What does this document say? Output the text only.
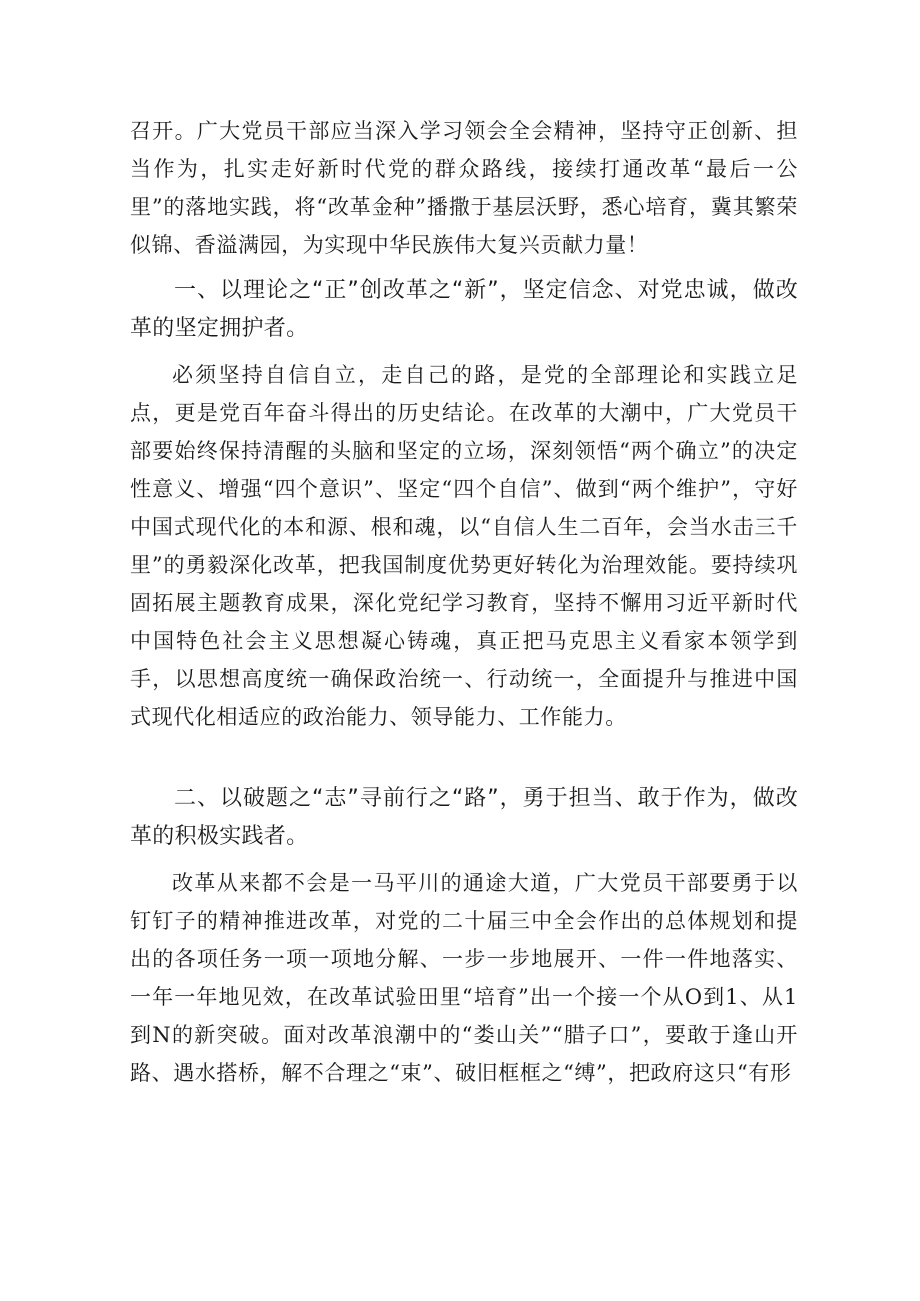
召开。广大党员干部应当深入学习领会全会精神，坚持守正创新、担当作为，扎实走好新时代党的群众路线，接续打通改革“最后一公里”的落地实践，将“改革金种”播撒于基层沃野，悉心培育，冀其繁荣似锦、香溢满园，为实现中华民族伟大复兴贡献力量！

一、以理论之“正”创改革之“新”，坚定信念、对党忠诚，做改革的坚定拥护者。

必须坚持自信自立，走自己的路，是党的全部理论和实践立足点，更是党百年奋斗得出的历史结论。在改革的大潮中，广大党员干部要始终保持清醒的头脑和坚定的立场，深刻领悟“两个确立”的决定性意义、增强“四个意识”、坚定“四个自信”、做到“两个维护”，守好中国式现代化的本和源、根和魂，以“自信人生二百年，会当水击三千里”的勇毅深化改革，把我国制度优势更好转化为治理效能。要持续巩固拓展主题教育成果，深化党纪学习教育，坚持不懈用习近平新时代中国特色社会主义思想凝心铸魂，真正把马克思主义看家本领学到手，以思想高度统一确保政治统一、行动统一，全面提升与推进中国式现代化相适应的政治能力、领导能力、工作能力。

二、以破题之“志”寻前行之“路”，勇于担当、敢于作为，做改革的积极实践者。

改革从来都不会是一马平川的通途大道，广大党员干部要勇于以钉钉子的精神推进改革，对党的二十届三中全会作出的总体规划和提出的各项任务一项一项地分解、一步一步地展开、一件一件地落实、一年一年地见效，在改革试验田里“培育”出一个接一个从O到1、从1到N的新突破。面对改革浪潮中的“娄山关”“腊子口”，要敢于逢山开路、遇水搭桥，解不合理之“束”、破旧框框之“缚”，把政府这只“有形
